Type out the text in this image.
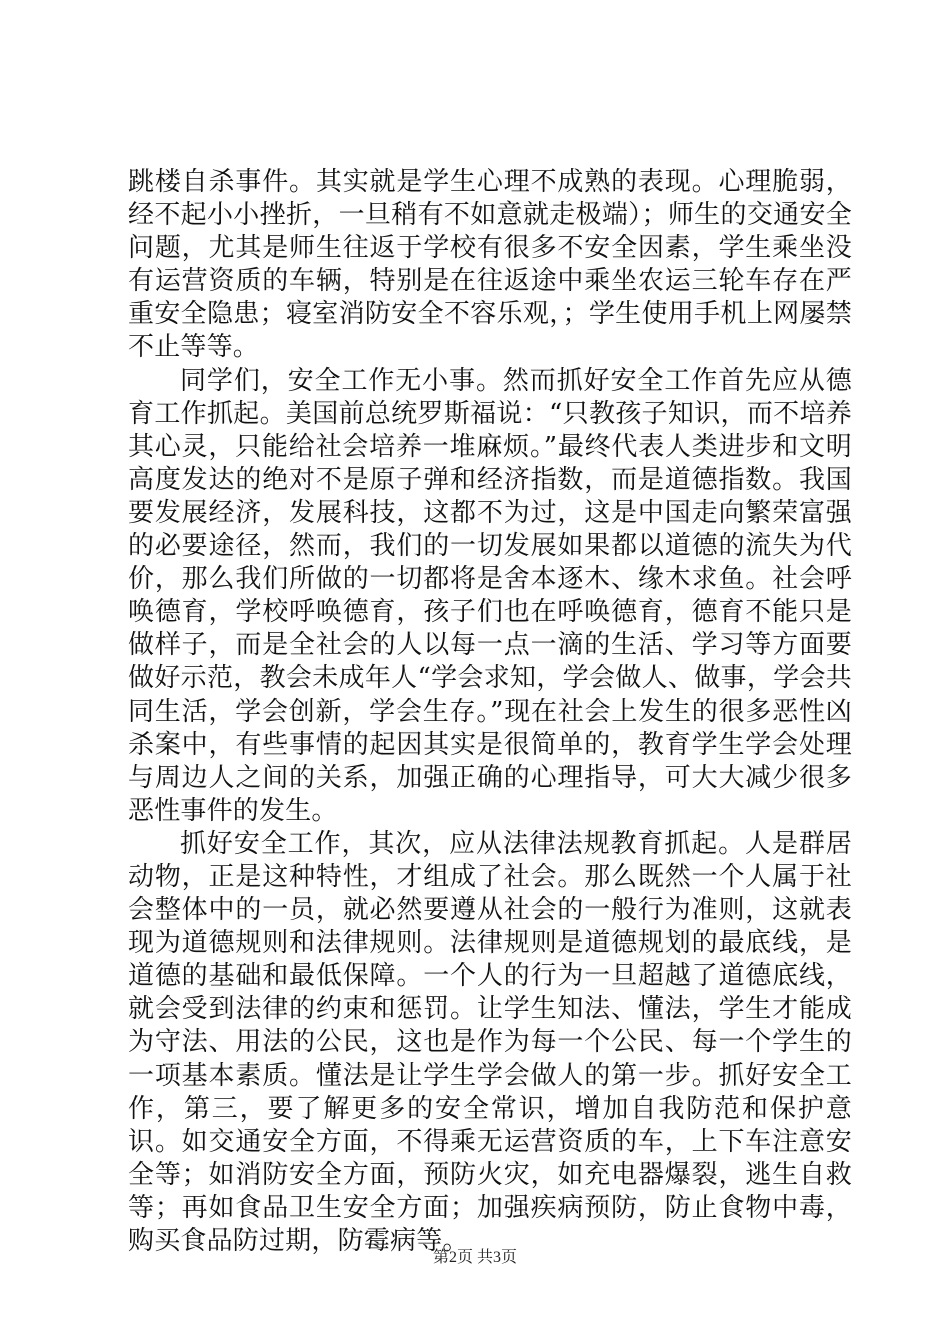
跳楼自杀事件。其实就是学生心理不成熟的表现。心理脆弱，经不起小小挫折，一旦稍有不如意就走极端）；师生的交通安全问题，尤其是师生往返于学校有很多不安全因素，学生乘坐没有运营资质的车辆，特别是在往返途中乘坐农运三轮车存在严重安全隐患；寝室消防安全不容乐观，；学生使用手机上网屡禁不止等等。

同学们，安全工作无小事。然而抓好安全工作首先应从德育工作抓起。美国前总统罗斯福说：“只教孩子知识，而不培养其心灵，只能给社会培养一堆麻烦。”最终代表人类进步和文明高度发达的绝对不是原子弹和经济指数，而是道德指数。我国要发展经济，发展科技，这都不为过，这是中国走向繁荣富强的必要途径，然而，我们的一切发展如果都以道德的流失为代价，那么我们所做的一切都将是舍本逐木、缘木求鱼。社会呼唤德育，学校呼唤德育，孩子们也在呼唤德育，德育不能只是做样子，而是全社会的人以每一点一滴的生活、学习等方面要做好示范，教会未成年人“学会求知，学会做人、做事，学会共同生活，学会创新，学会生存。”现在社会上发生的很多恶性凶杀案中，有些事情的起因其实是很简单的，教育学生学会处理与周边人之间的关系，加强正确的心理指导，可大大减少很多恶性事件的发生。

抓好安全工作，其次，应从法律法规教育抓起。人是群居动物，正是这种特性，才组成了社会。那么既然一个人属于社会整体中的一员，就必然要遵从社会的一般行为准则，这就表现为道德规则和法律规则。法律规则是道德规划的最底线，是道德的基础和最低保障。一个人的行为一旦超越了道德底线，就会受到法律的约束和惩罚。让学生知法、懂法，学生才能成为守法、用法的公民，这也是作为每一个公民、每一个学生的一项基本素质。懂法是让学生学会做人的第一步。抓好安全工作，第三，要了解更多的安全常识，增加自我防范和保护意识。如交通安全方面，不得乘无运营资质的车，上下车注意安全等；如消防安全方面，预防火灾，如充电器爆裂，逃生自救等；再如食品卫生安全方面；加强疾病预防，防止食物中毒，购买食品防过期，防霉病等。

第2页 共3页
